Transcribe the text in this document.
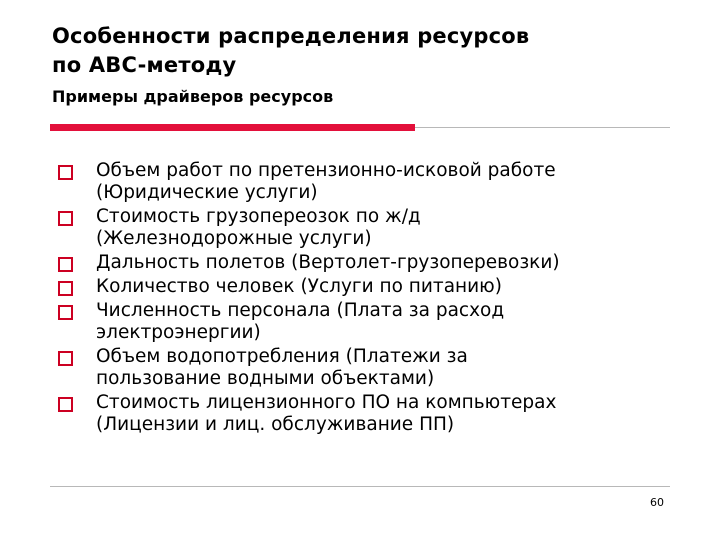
Особенности распределения ресурсов
по ABC-методу
Примеры драйверов ресурсов
Объем работ по претензионно-исковой работе
(Юридические услуги)
Стоимость грузопереозок по ж/д
(Железнодорожные услуги)
Дальность полетов (Вертолет-грузоперевозки)
Количество человек (Услуги по питанию)
Численность персонала (Плата за расход
электроэнергии)
Объем водопотребления (Платежи за
пользование водными объектами)
Стоимость лицензионного ПО на компьютерах
(Лицензии и лиц. обслуживание ПП)
60
